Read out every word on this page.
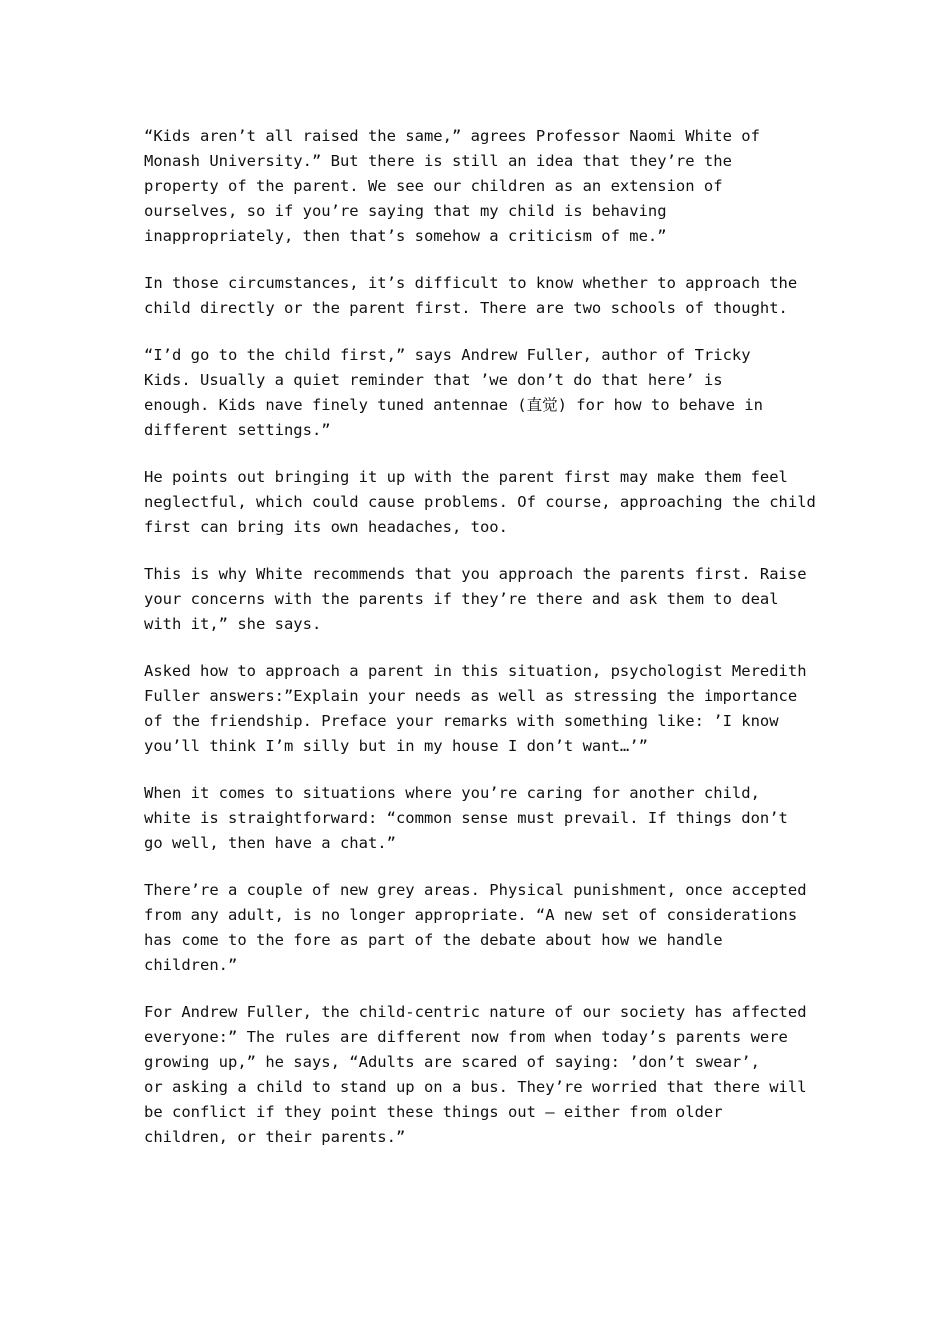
“Kids aren’t all raised the same,” agrees Professor Naomi White of
Monash University.” But there is still an idea that they’re the
property of the parent. We see our children as an extension of
ourselves, so if you’re saying that my child is behaving
inappropriately, then that’s somehow a criticism of me.”

In those circumstances, it’s difficult to know whether to approach the
child directly or the parent first. There are two schools of thought.

“I’d go to the child first,” says Andrew Fuller, author of Tricky
Kids. Usually a quiet reminder that ’we don’t do that here’ is
enough. Kids nave finely tuned antennae (直觉) for how to behave in
different settings.”

He points out bringing it up with the parent first may make them feel
neglectful, which could cause problems. Of course, approaching the child
first can bring its own headaches, too.

This is why White recommends that you approach the parents first. Raise
your concerns with the parents if they’re there and ask them to deal
with it,” she says.

Asked how to approach a parent in this situation, psychologist Meredith
Fuller answers:”Explain your needs as well as stressing the importance
of the friendship. Preface your remarks with something like: ’I know
you’ll think I’m silly but in my house I don’t want…’”

When it comes to situations where you’re caring for another child,
white is straightforward: “common sense must prevail. If things don’t
go well, then have a chat.”

There’re a couple of new grey areas. Physical punishment, once accepted
from any adult, is no longer appropriate. “A new set of considerations
has come to the fore as part of the debate about how we handle
children.”

For Andrew Fuller, the child-centric nature of our society has affected
everyone:” The rules are different now from when today’s parents were
growing up,” he says, “Adults are scared of saying: ’don’t swear’,
or asking a child to stand up on a bus. They’re worried that there will
be conflict if they point these things out – either from older
children, or their parents.”
